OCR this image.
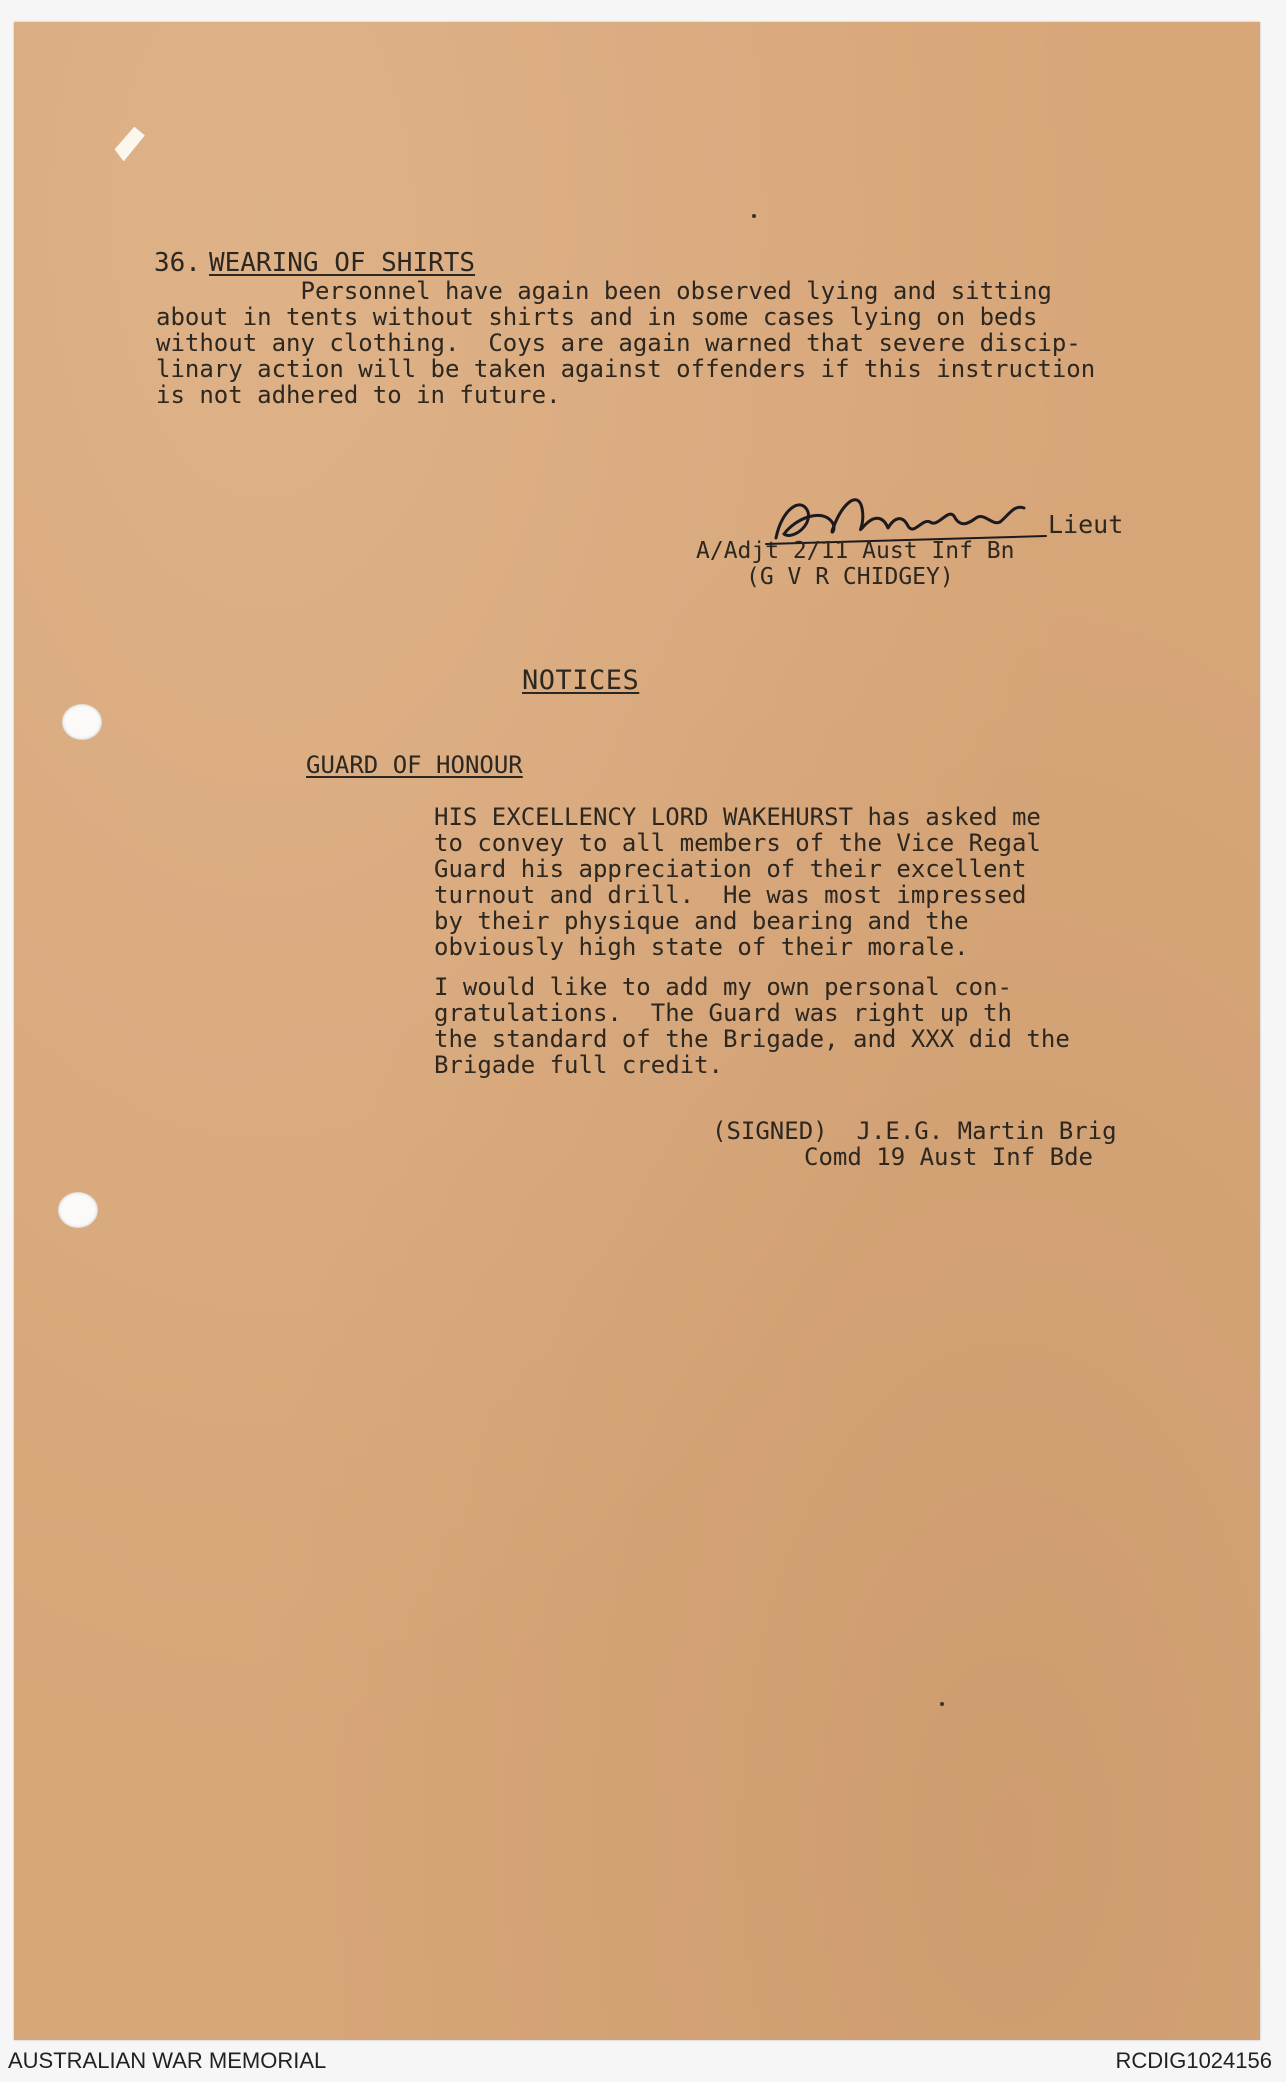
36. WEARING OF SHIRTS

Personnel have again been observed lying and sitting
about in tents without shirts and in some cases lying on beds
without any clothing.  Coys are again warned that severe discip-
linary action will be taken against offenders if this instruction
is not adhered to in future.

Lieut

A/Adjt 2/11 Aust Inf Bn

(G V R CHIDGEY)

NOTICES

GUARD OF HONOUR

HIS EXCELLENCY LORD WAKEHURST has asked me
to convey to all members of the Vice Regal
Guard his appreciation of their excellent
turnout and drill.  He was most impressed
by their physique and bearing and the
obviously high state of their morale.

I would like to add my own personal con-
gratulations.  The Guard was right up th
the standard of the Brigade, and XXX did the
Brigade full credit.

(SIGNED)  J.E.G. Martin Brig

Comd 19 Aust Inf Bde

AUSTRALIAN WAR MEMORIAL	RCDIG1024156
